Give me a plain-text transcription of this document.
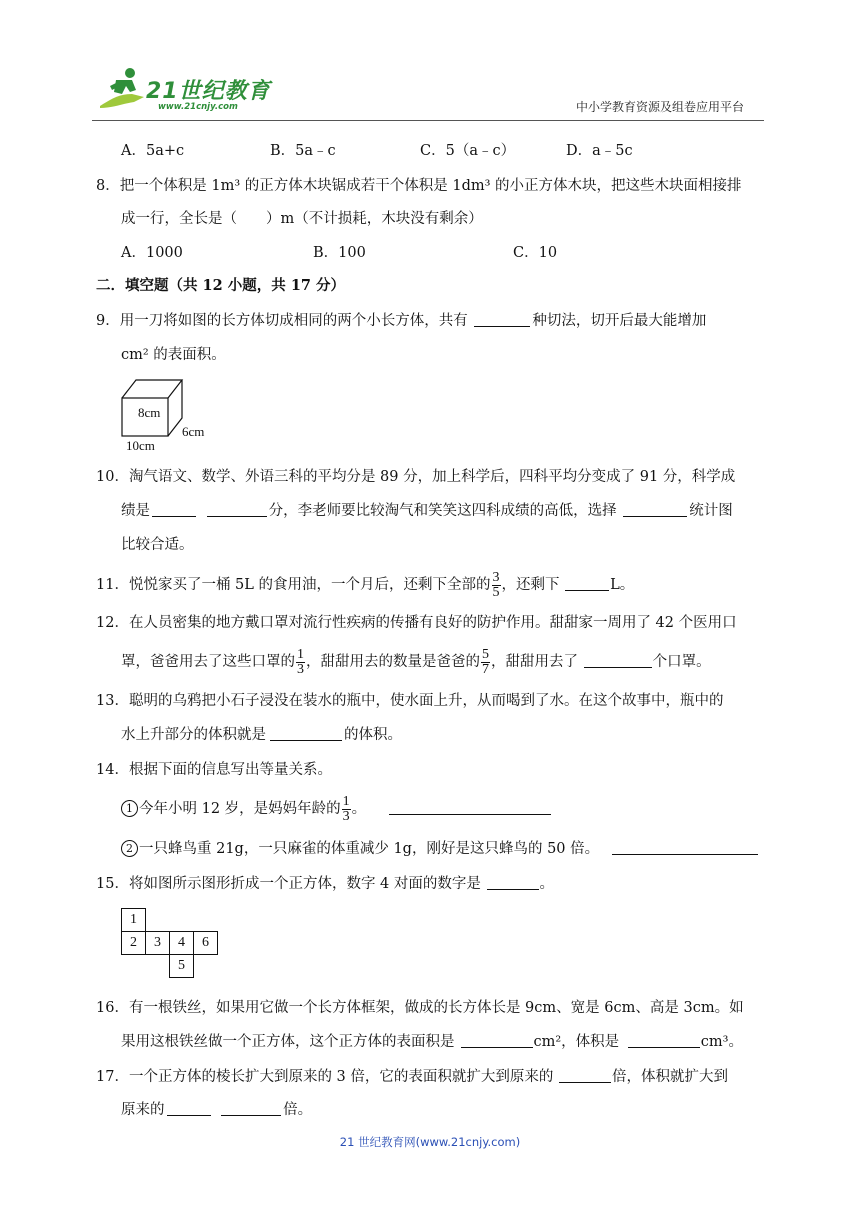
21世纪教育
www.21cnjy.com	中小学教育资源及组卷应用平台
A．5a+c	B．5a﹣c	C．5（a﹣c）	D．a﹣5c
8．把一个体积是 1m³ 的正方体木块锯成若干个体积是 1dm³ 的小正方体木块，把这些木块面相接排
成一行，全长是（　　）m（不计损耗，木块没有剩余）
A．1000	B．100	C．10
二．填空题（共 12 小题，共 17 分）
9．用一刀将如图的长方体切成相同的两个小长方体，共有	种切法，切开后最大能增加
cm² 的表面积。
8cm
6cm
10cm
10．淘气语文、数学、外语三科的平均分是 89 分，加上科学后，四科平均分变成了 91 分，科学成
绩是	分，李老师要比较淘气和笑笑这四科成绩的高低，选择	统计图
比较合适。
11．悦悦家买了一桶 5L 的食用油，一个月后，还剩下全部的 $\frac{3}{5}$ ，还剩下	L。
12．在人员密集的地方戴口罩对流行性疾病的传播有良好的防护作用。甜甜家一周用了 42 个医用口
罩，爸爸用去了这些口罩的 $\frac{1}{3}$ ，甜甜用去的数量是爸爸的 $\frac{5}{7}$ ，甜甜用去了	个口罩。
13．聪明的乌鸦把小石子浸没在装水的瓶中，使水面上升，从而喝到了水。在这个故事中，瓶中的
水上升部分的体积就是	的体积。
14．根据下面的信息写出等量关系。
1 今年小明 12 岁，是妈妈年龄的 $\frac{1}{3}$ 。
2 一只蜂鸟重 21g，一只麻雀的体重减少 1g，刚好是这只蜂鸟的 50 倍。
15．将如图所示图形折成一个正方体，数字 4 对面的数字是	。
1			
2	3	4	6
		5	
16．有一根铁丝，如果用它做一个长方体框架，做成的长方体长是 9cm、宽是 6cm、高是 3cm。如
果用这根铁丝做一个正方体，这个正方体的表面积是	cm²，体积是	cm³。
17．一个正方体的棱长扩大到原来的 3 倍，它的表面积就扩大到原来的	倍，体积就扩大到
原来的	倍。
21 世纪教育网(www.21cnjy.com)
